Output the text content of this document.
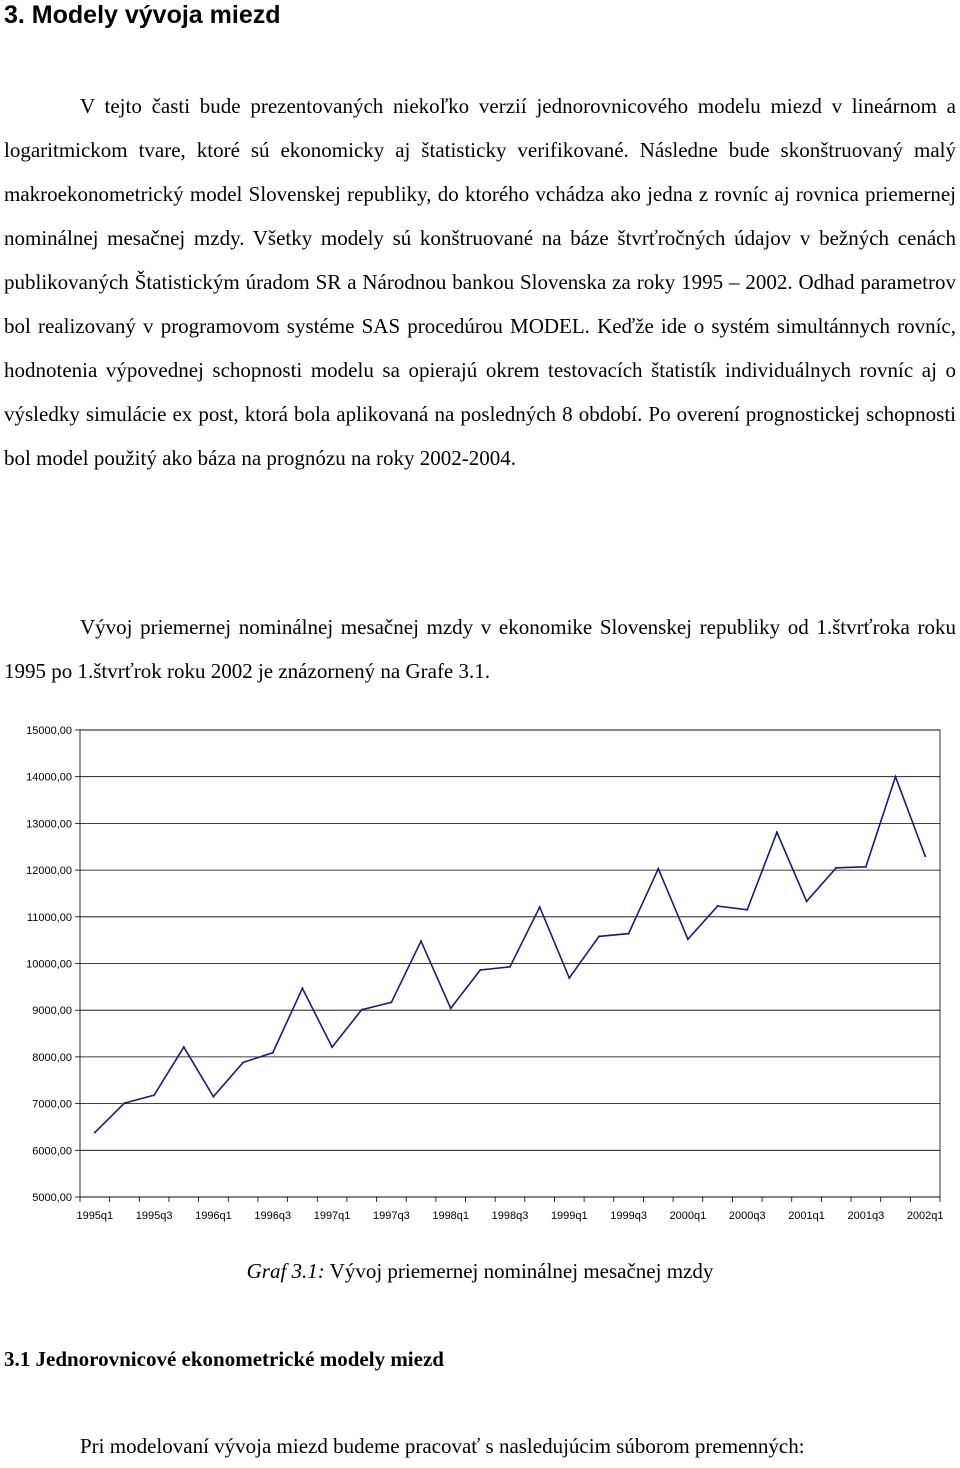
3. Modely vývoja miezd

V tejto časti bude prezentovaných niekoľko verzií jednorovnicového modelu miezd v lineárnom a logaritmickom tvare, ktoré sú ekonomicky aj štatisticky verifikované. Následne bude skonštruovaný malý makroekonometrický model Slovenskej republiky, do ktorého vchádza ako jedna z rovníc aj rovnica priemernej nominálnej mesačnej mzdy. Všetky modely sú konštruované na báze štvrťročných údajov v bežných cenách publikovaných Štatistickým úradom SR a Národnou bankou Slovenska za roky 1995 – 2002. Odhad parametrov bol realizovaný v programovom systéme SAS procedúrou MODEL. Keďže ide o systém simultánnych rovníc, hodnotenia výpovednej schopnosti modelu sa opierajú okrem testovacích štatistík individuálnych rovníc aj o výsledky simulácie ex post, ktorá bola aplikovaná na posledných 8 období. Po overení prognostickej schopnosti bol model použitý ako báza na prognózu na roky 2002-2004.

Vývoj priemernej nominálnej mesačnej mzdy v ekonomike Slovenskej republiky od 1.štvrťroka roku 1995 po 1.štvrťrok roku 2002 je znázornený na Grafe 3.1.

15000,00
14000,00
13000,00
12000,00
11000,00
10000,00
9000,00
8000,00
7000,00
6000,00
5000,00
1995q1 1995q3 1996q1 1996q3 1997q1 1997q3 1998q1 1998q3 1999q1 1999q3 2000q1 2000q3 2001q1 2001q3 2002q1

Graf 3.1: Vývoj priemernej nominálnej mesačnej mzdy

3.1 Jednorovnicové ekonometrické modely miezd

Pri modelovaní vývoja miezd budeme pracovať s nasledujúcim súborom premenných:
